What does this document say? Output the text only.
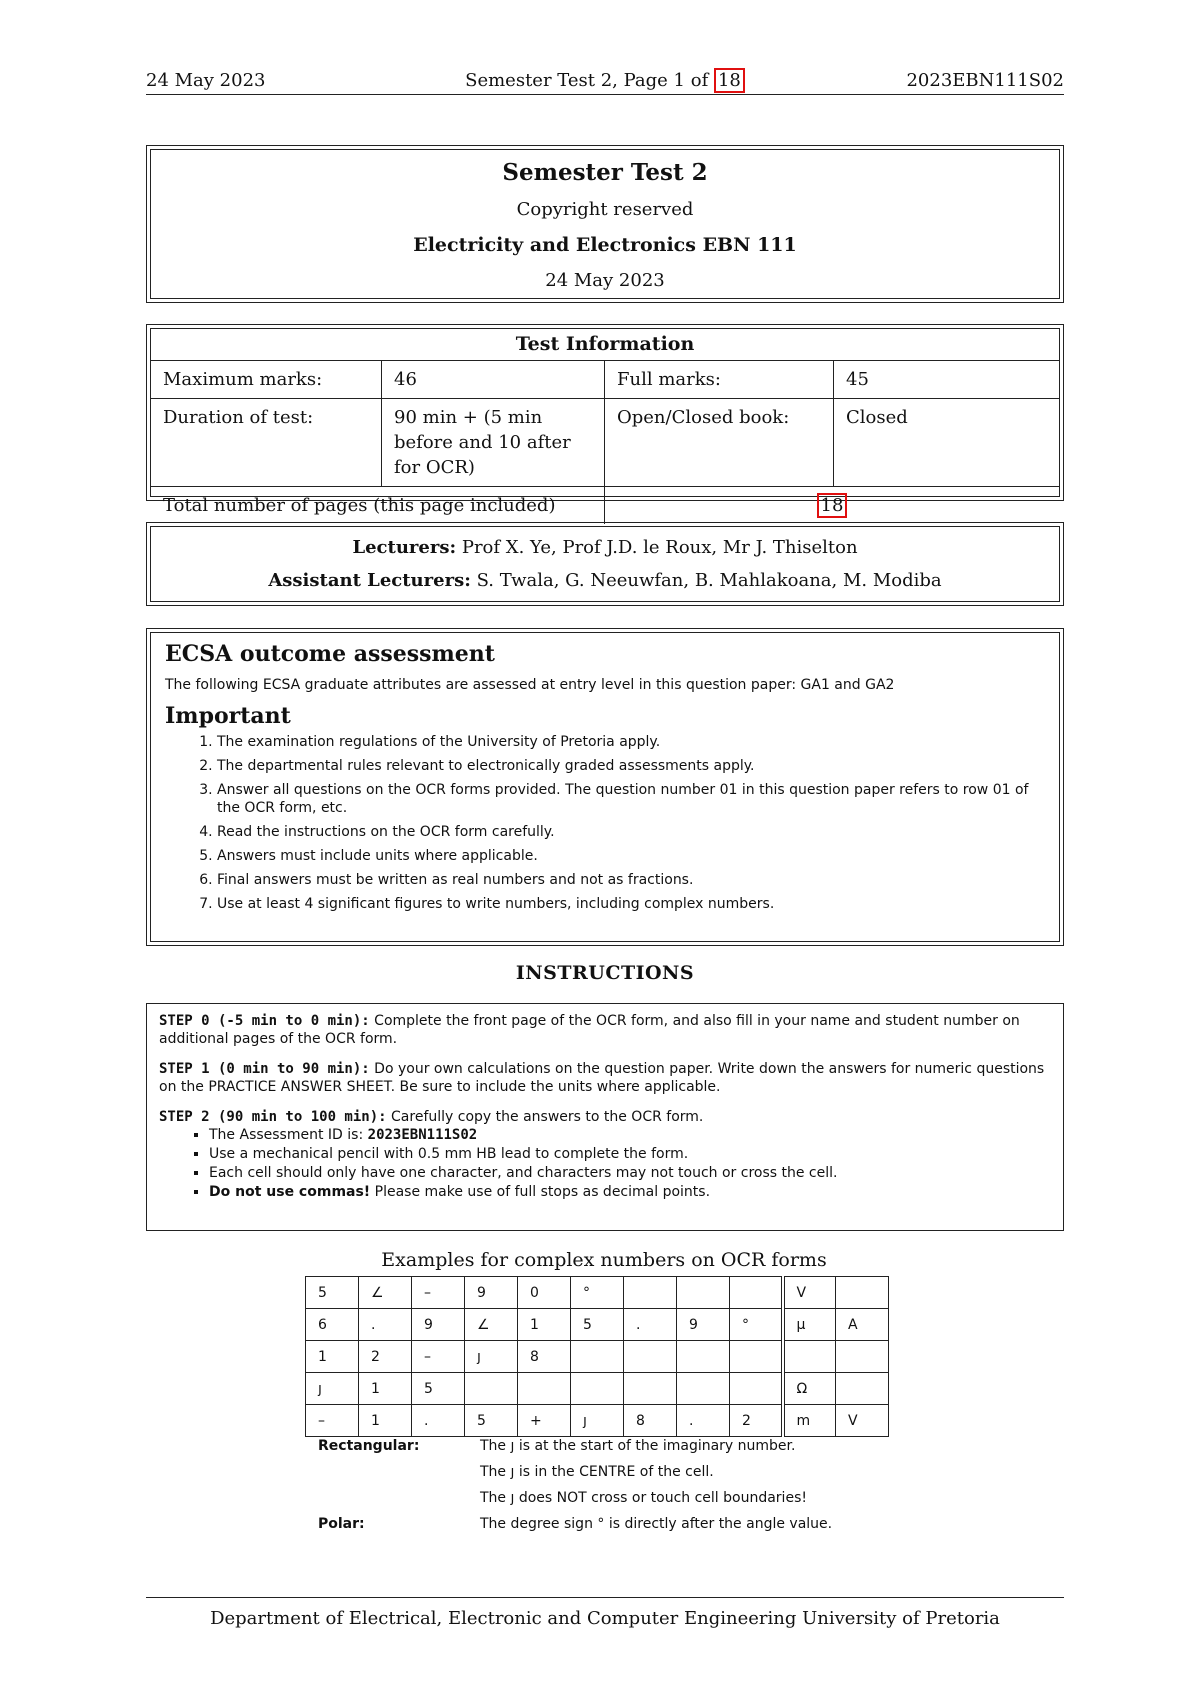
24 May 2023	Semester Test 2, Page 1 of 18	2023EBN111S02
Semester Test 2
Copyright reserved
Electricity and Electronics EBN 111
24 May 2023
Test Information
Maximum marks:	46	Full marks:	45
Duration of test:	90 min + (5 min before and 10 after for OCR)	Open/Closed book:	Closed
Total number of pages (this page included)		18	
Lecturers: Prof X. Ye, Prof J.D. le Roux, Mr J. Thiselton
Assistant Lecturers: S. Twala, G. Neeuwfan, B. Mahlakoana, M. Modiba
ECSA outcome assessment

The following ECSA graduate attributes are assessed at entry level in this question paper: GA1 and GA2

Important
1. The examination regulations of the University of Pretoria apply.
2. The departmental rules relevant to electronically graded assessments apply.
3. Answer all questions on the OCR forms provided. The question number 01 in this question paper refers to row 01 of the OCR form, etc.
4. Read the instructions on the OCR form carefully.
5. Answers must include units where applicable.
6. Final answers must be written as real numbers and not as fractions.
7. Use at least 4 significant figures to write numbers, including complex numbers.
INSTRUCTIONS
STEP 0 (-5 min to 0 min): Complete the front page of the OCR form, and also fill in your name and student number on additional pages of the OCR form.
STEP 1 (0 min to 90 min): Do your own calculations on the question paper. Write down the answers for numeric questions on the PRACTICE ANSWER SHEET. Be sure to include the units where applicable.
STEP 2 (90 min to 100 min): Carefully copy the answers to the OCR form.
▪ The Assessment ID is: 2023EBN111S02
▪ Use a mechanical pencil with 0.5 mm HB lead to complete the form.
▪ Each cell should only have one character, and characters may not touch or cross the cell.
▪ Do not use commas! Please make use of full stops as decimal points.
Examples for complex numbers on OCR forms
5	∠	–	9	0	°				V	
6	.	9	∠	1	5	.	9	°	μ	A
1	2	–	ȷ	8						
ȷ	1	5							Ω	
–	1	.	5	+	ȷ	8	.	2	m	V
Rectangular:	The ȷ is at the start of the imaginary number.
The ȷ is in the CENTRE of the cell.
The ȷ does NOT cross or touch cell boundaries!
Polar:	The degree sign ° is directly after the angle value.
Department of Electrical, Electronic and Computer Engineering University of Pretoria
